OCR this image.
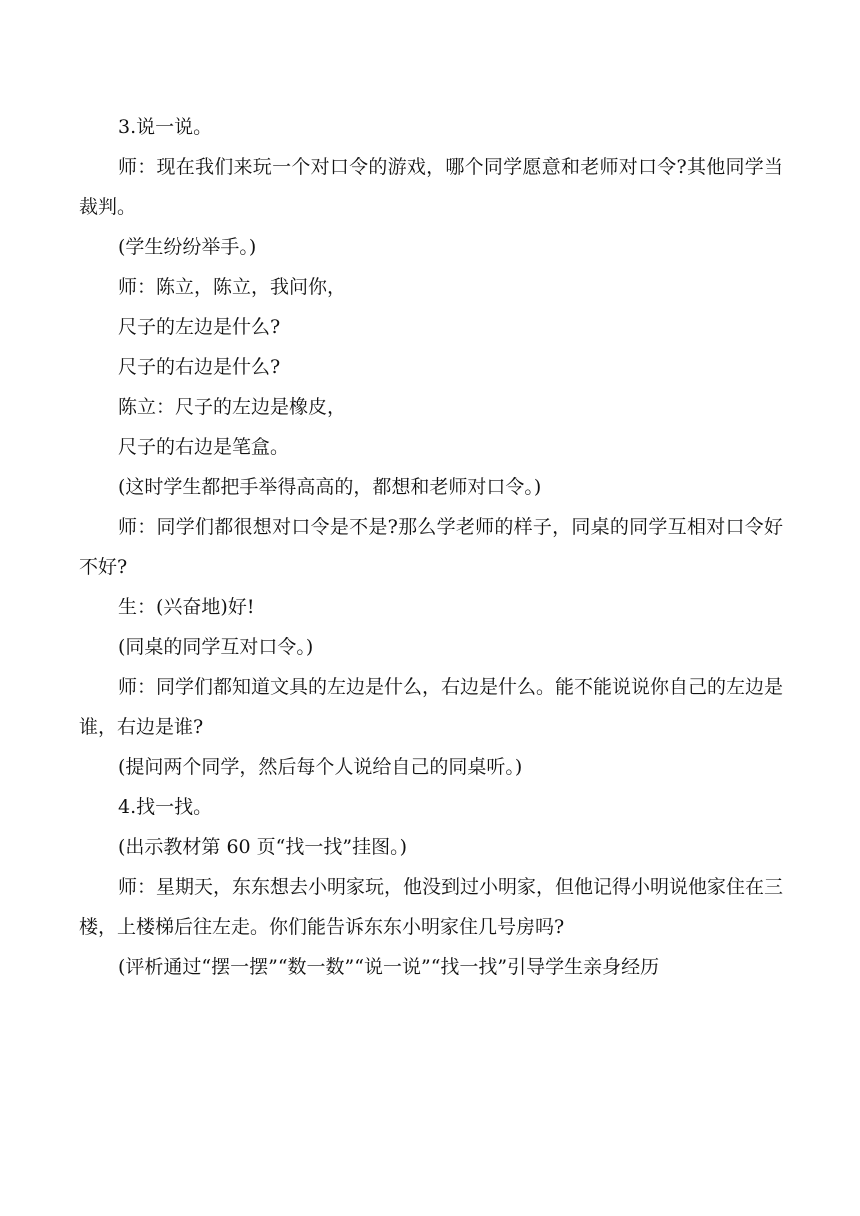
3.说一说。

师：现在我们来玩一个对口令的游戏，哪个同学愿意和老师对口令?其他同学当裁判。

(学生纷纷举手。)

师：陈立，陈立，我问你，

尺子的左边是什么?

尺子的右边是什么?

陈立：尺子的左边是橡皮，

尺子的右边是笔盒。

(这时学生都把手举得高高的，都想和老师对口令。)

师：同学们都很想对口令是不是?那么学老师的样子，同桌的同学互相对口令好不好?

生：(兴奋地)好!

(同桌的同学互对口令。)

师：同学们都知道文具的左边是什么，右边是什么。能不能说说你自己的左边是谁，右边是谁?

(提问两个同学，然后每个人说给自己的同桌听。)

4.找一找。

(出示教材第 60 页“找一找”挂图。)

师：星期天，东东想去小明家玩，他没到过小明家，但他记得小明说他家住在三楼，上楼梯后往左走。你们能告诉东东小明家住几号房吗?

(评析通过“摆一摆”“数一数”“说一说”“找一找”引导学生亲身经历
